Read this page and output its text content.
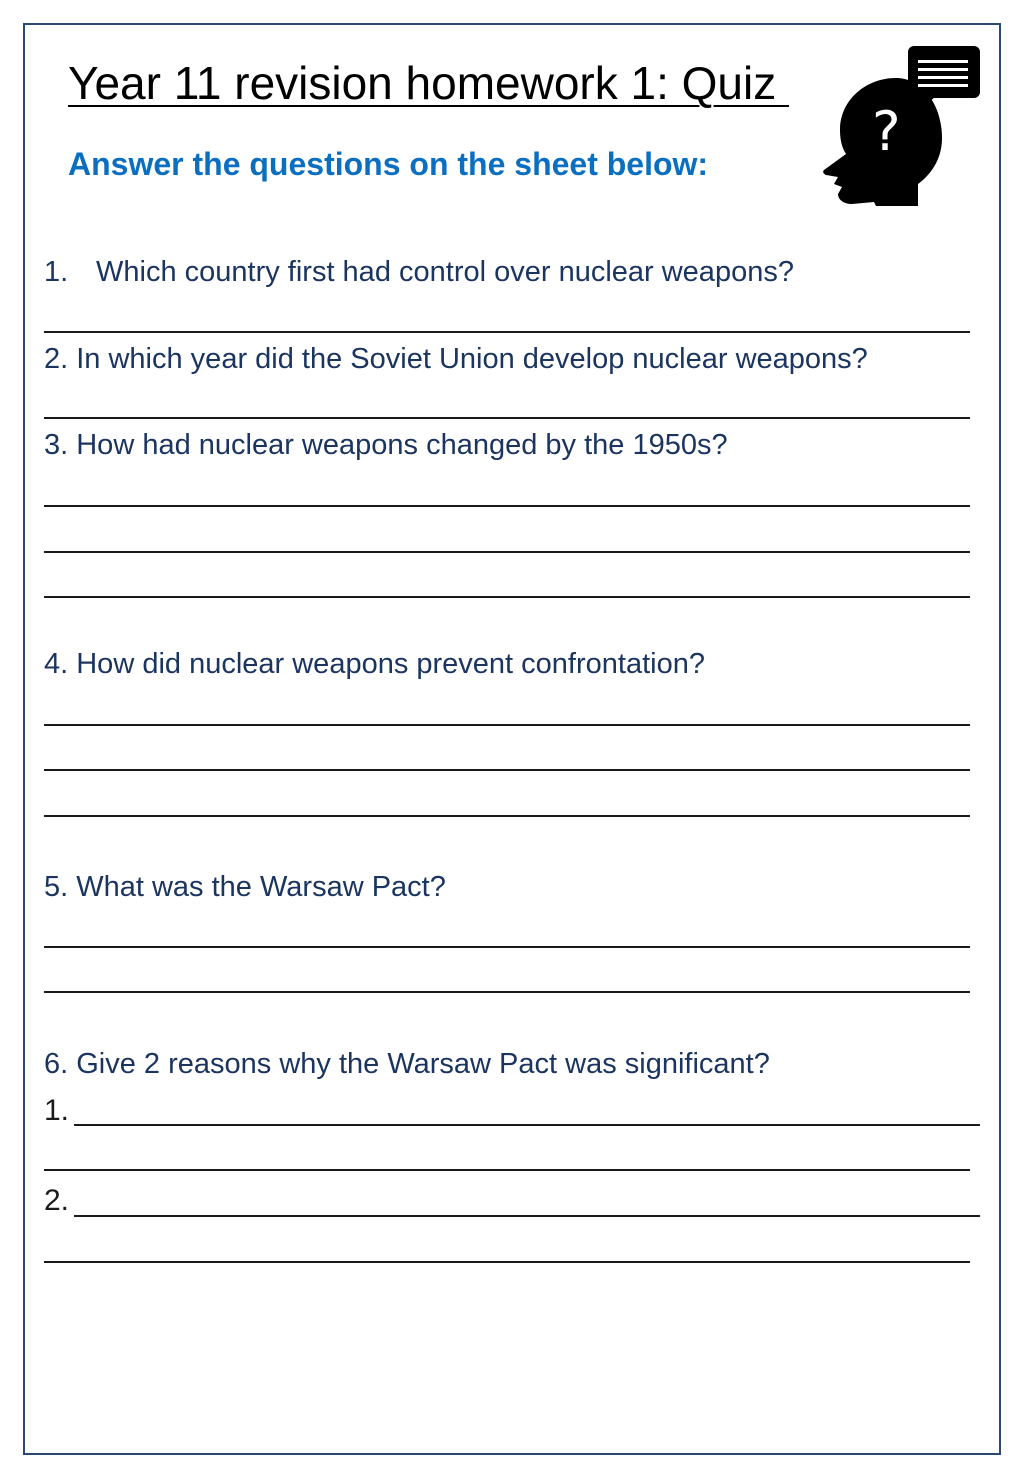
Year 11 revision homework 1: Quiz

Answer the questions on the sheet below:

?
1. Which country first had control over nuclear weapons?
2. In which year did the Soviet Union develop nuclear weapons?
3. How had nuclear weapons changed by the 1950s?
4. How did nuclear weapons prevent confrontation?
5. What was the Warsaw Pact?
6. Give 2 reasons why the Warsaw Pact was significant?
1.
2.
